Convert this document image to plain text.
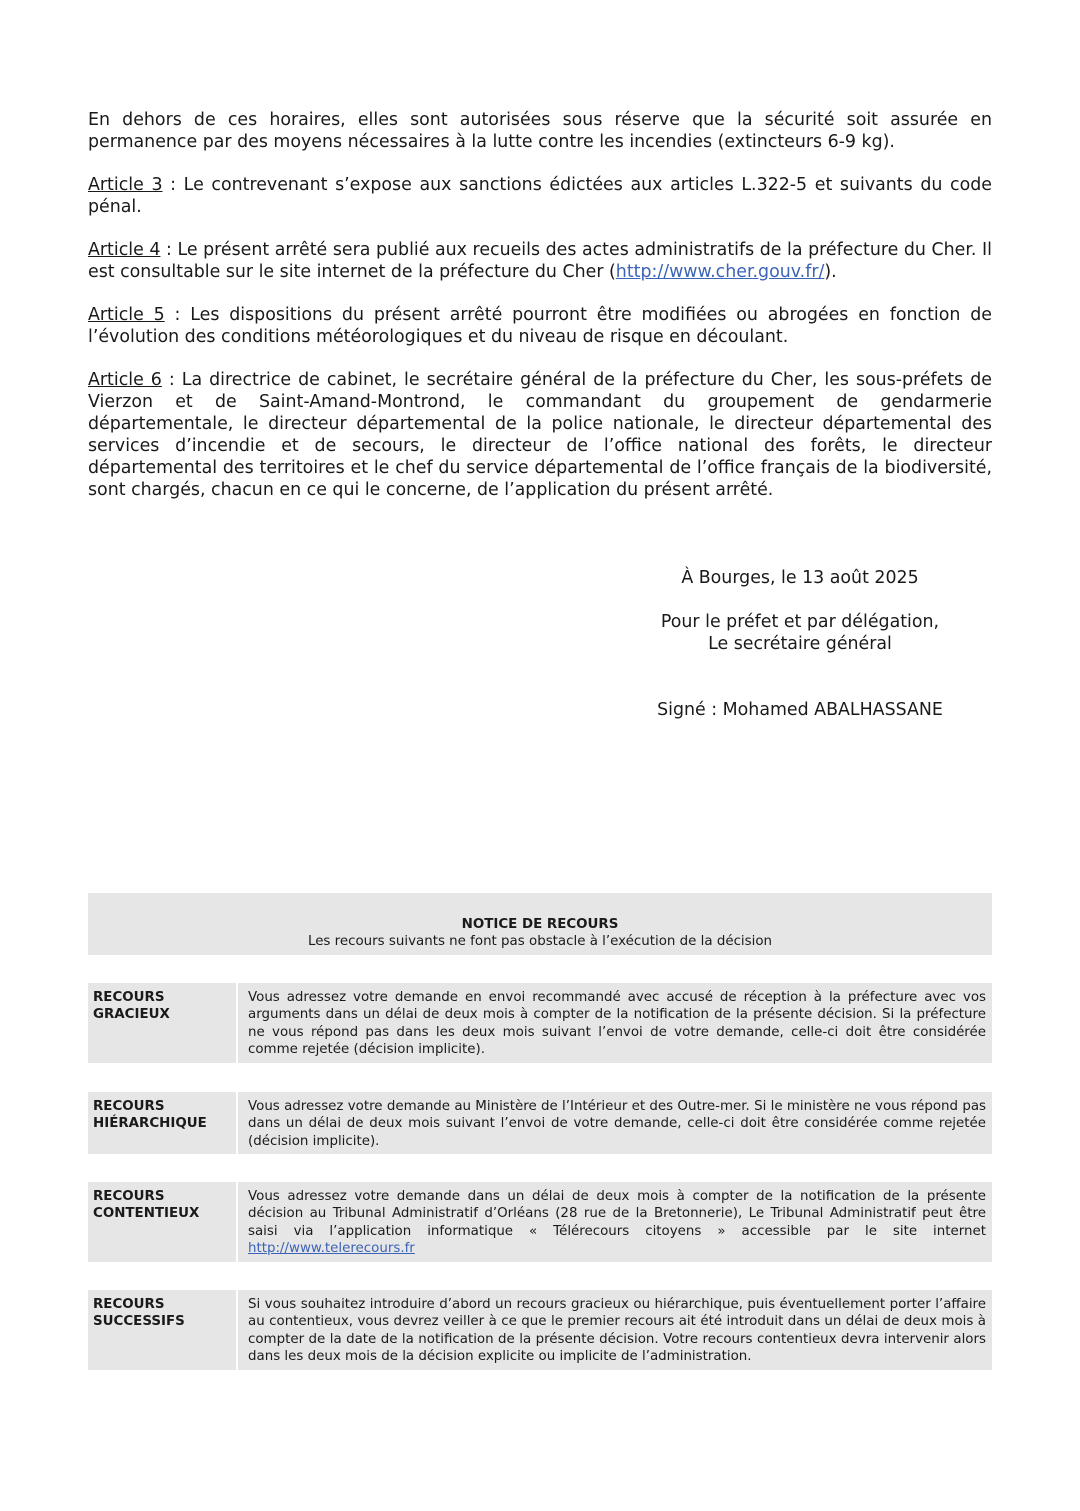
En dehors de ces horaires, elles sont autorisées sous réserve que la sécurité soit assurée en permanence par des moyens nécessaires à la lutte contre les incendies (extincteurs 6-9 kg).

Article 3 : Le contrevenant s’expose aux sanctions édictées aux articles L.322-5 et suivants du code pénal.

Article 4 : Le présent arrêté sera publié aux recueils des actes administratifs de la préfecture du Cher. Il est consultable sur le site internet de la préfecture du Cher (http://www.cher.gouv.fr/).

Article 5 : Les dispositions du présent arrêté pourront être modifiées ou abrogées en fonction de l’évolution des conditions météorologiques et du niveau de risque en découlant.

Article 6 : La directrice de cabinet, le secrétaire général de la préfecture du Cher, les sous-préfets de Vierzon et de Saint-Amand-Montrond, le commandant du groupement de gendarmerie départementale, le directeur départemental de la police nationale, le directeur départemental des services d’incendie et de secours, le directeur de l’office national des forêts, le directeur départemental des territoires et le chef du service départemental de l’office français de la biodiversité, sont chargés, chacun en ce qui le concerne, de l’application du présent arrêté.

À Bourges, le 13 août 2025
Pour le préfet et par délégation,
Le secrétaire général
Signé : Mohamed ABALHASSANE
NOTICE DE RECOURS
Les recours suivants ne font pas obstacle à l’exécution de la décision
RECOURS GRACIEUX
Vous adressez votre demande en envoi recommandé avec accusé de réception à la préfecture avec vos arguments dans un délai de deux mois à compter de la notification de la présente décision. Si la préfecture ne vous répond pas dans les deux mois suivant l’envoi de votre demande, celle-ci doit être considérée comme rejetée (décision implicite).
RECOURS HIÉRARCHIQUE
Vous adressez votre demande au Ministère de l’Intérieur et des Outre-mer. Si le ministère ne vous répond pas dans un délai de deux mois suivant l’envoi de votre demande, celle-ci doit être considérée comme rejetée (décision implicite).
RECOURS CONTENTIEUX
Vous adressez votre demande dans un délai de deux mois à compter de la notification de la présente décision au Tribunal Administratif d’Orléans (28 rue de la Bretonnerie), Le Tribunal Administratif peut être saisi via l’application informatique « Télérecours citoyens » accessible par le site internet http://www.telerecours.fr
RECOURS SUCCESSIFS
Si vous souhaitez introduire d’abord un recours gracieux ou hiérarchique, puis éventuellement porter l’affaire au contentieux, vous devrez veiller à ce que le premier recours ait été introduit dans un délai de deux mois à compter de la date de la notification de la présente décision. Votre recours contentieux devra intervenir alors dans les deux mois de la décision explicite ou implicite de l’administration.
